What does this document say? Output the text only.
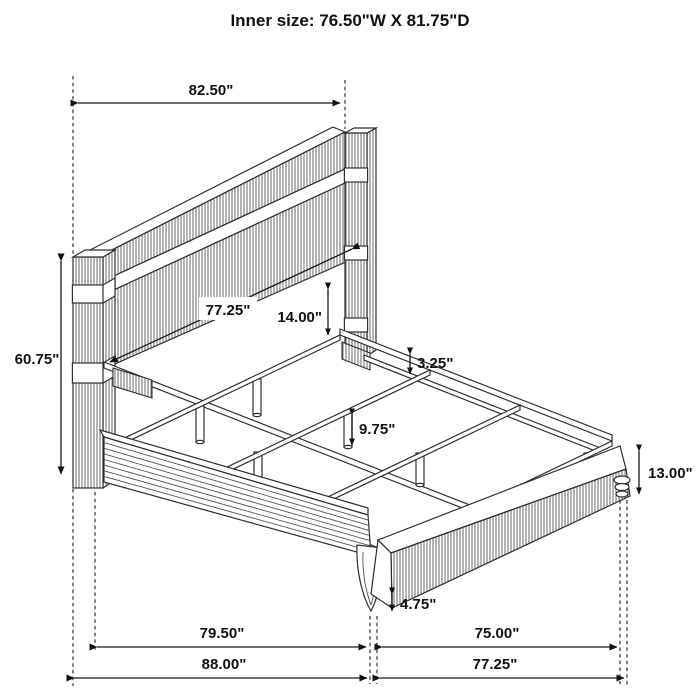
Inner size: 76.50"W X 81.75"D
82.50"
60.75"
77.25" 14.00"
3.25"
9.75"
13.00"
4.75"
79.50"	75.00"
88.00"	77.25"
